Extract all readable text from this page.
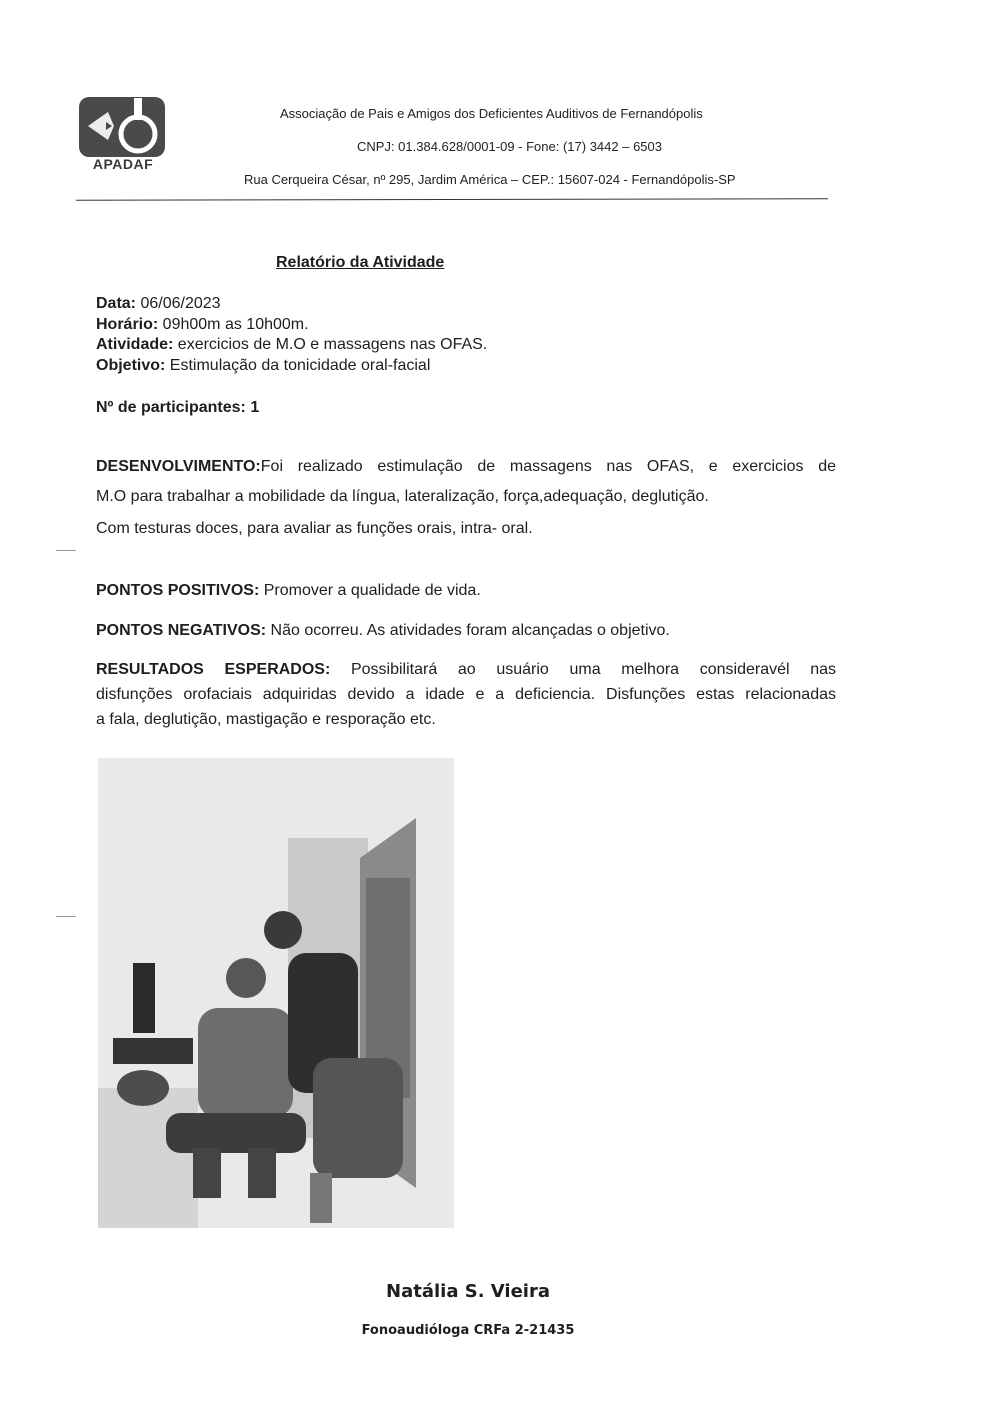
APADAF
Associação de Pais e Amigos dos Deficientes Auditivos de Fernandópolis
CNPJ: 01.384.628/0001-09 - Fone: (17) 3442 – 6503
Rua Cerqueira César, nº 295, Jardim América – CEP.: 15607-024 - Fernandópolis-SP
Relatório da Atividade
Data: 06/06/2023
Horário: 09h00m as 10h00m.
Atividade: exercicios de M.O e massagens nas OFAS.
Objetivo: Estimulação da tonicidade oral-facial
Nº de participantes: 1
DESENVOLVIMENTO:Foi realizado estimulação de massagens nas OFAS, e exercicios de
M.O para trabalhar a mobilidade da língua, lateralização, força,adequação, deglutição.
Com testuras doces, para avaliar as funções orais, intra- oral.
PONTOS POSITIVOS: Promover a qualidade de vida.
PONTOS NEGATIVOS: Não ocorreu. As atividades foram alcançadas o objetivo.
RESULTADOS ESPERADOS: Possibilitará ao usuário uma melhora consideravél nas
disfunções orofaciais adquiridas devido a idade e a deficiencia. Disfunções estas relacionadas
a fala, deglutição, mastigação e resporação etc.
Natália S. Vieira
Fonoaudióloga CRFa 2-21435
